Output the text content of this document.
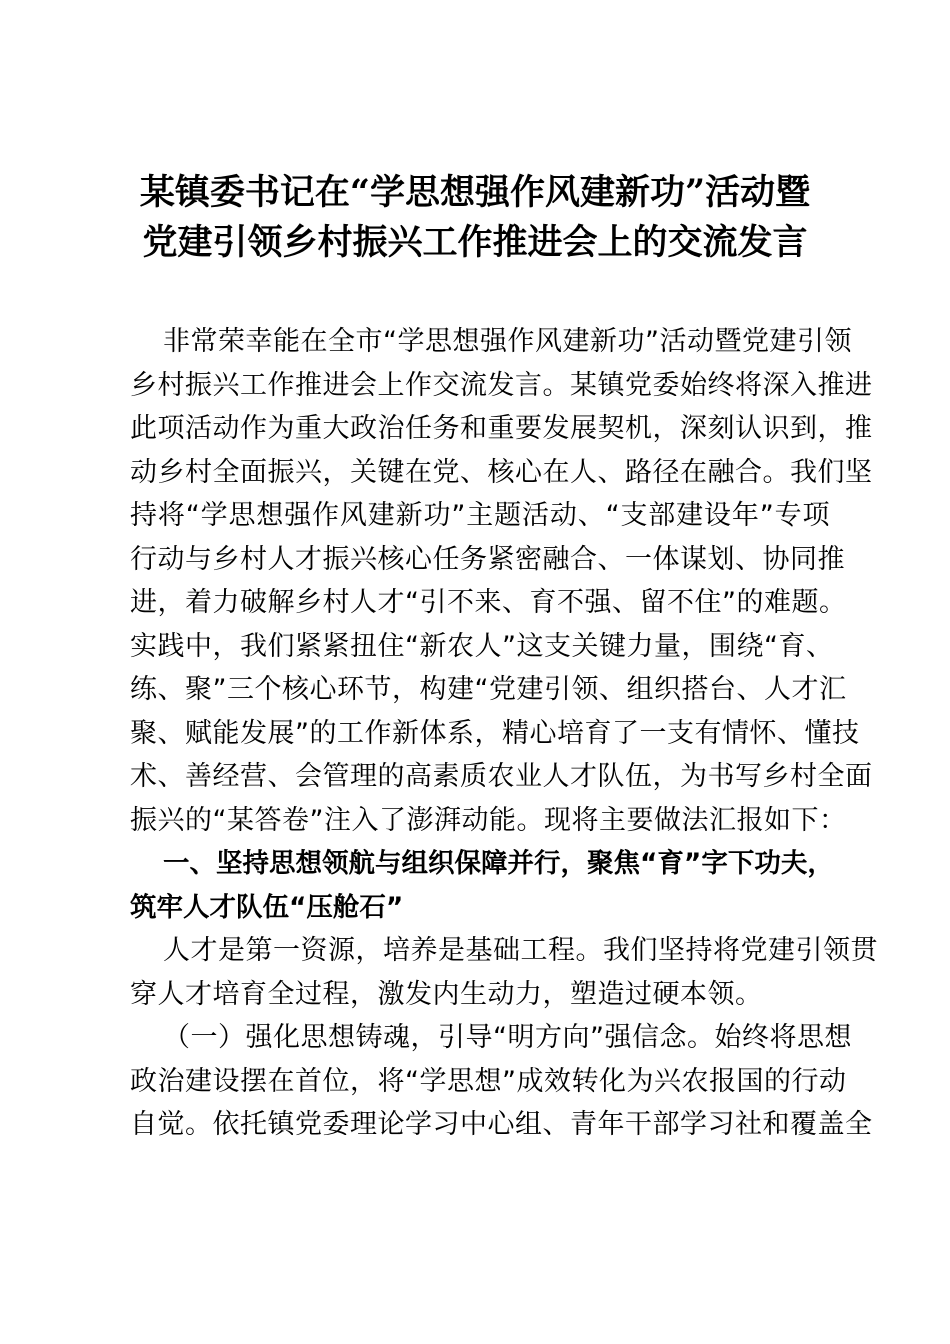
某镇委书记在“学思想强作风建新功”活动暨
党建引领乡村振兴工作推进会上的交流发言
非常荣幸能在全市“学思想强作风建新功”活动暨党建引领
乡村振兴工作推进会上作交流发言。某镇党委始终将深入推进
此项活动作为重大政治任务和重要发展契机，深刻认识到，推
动乡村全面振兴，关键在党、核心在人、路径在融合。我们坚
持将“学思想强作风建新功”主题活动、“支部建设年”专项
行动与乡村人才振兴核心任务紧密融合、一体谋划、协同推
进，着力破解乡村人才“引不来、育不强、留不住”的难题。
实践中，我们紧紧扭住“新农人”这支关键力量，围绕“育、
练、聚”三个核心环节，构建“党建引领、组织搭台、人才汇
聚、赋能发展”的工作新体系，精心培育了一支有情怀、懂技
术、善经营、会管理的高素质农业人才队伍，为书写乡村全面
振兴的“某答卷”注入了澎湃动能。现将主要做法汇报如下：
一、坚持思想领航与组织保障并行，聚焦“育”字下功夫，
筑牢人才队伍“压舱石”
人才是第一资源，培养是基础工程。我们坚持将党建引领贯
穿人才培育全过程，激发内生动力，塑造过硬本领。
（一）强化思想铸魂，引导“明方向”强信念。始终将思想
政治建设摆在首位，将“学思想”成效转化为兴农报国的行动
自觉。依托镇党委理论学习中心组、青年干部学习社和覆盖全
